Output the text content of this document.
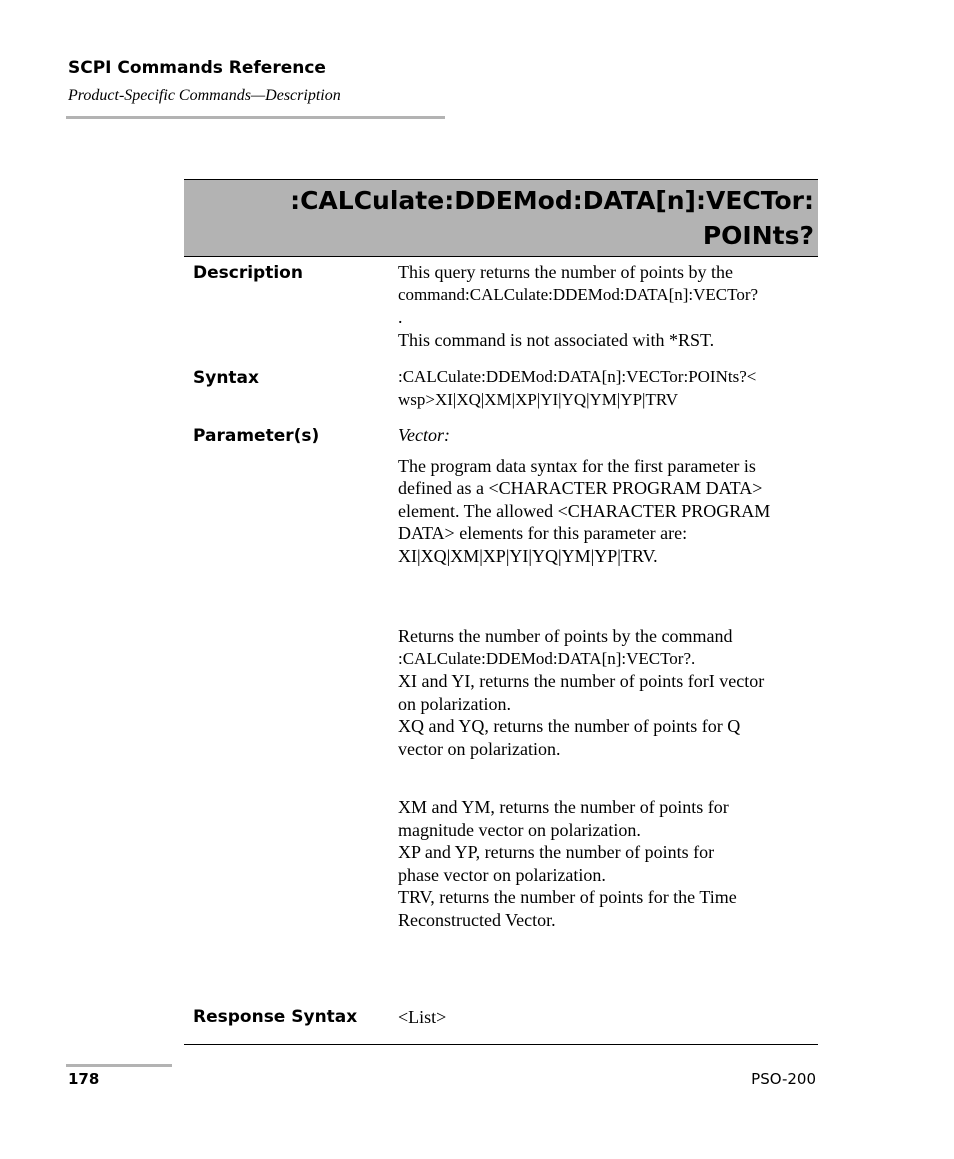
SCPI Commands Reference
Product-Specific Commands—Description
:CALCulate:DDEMod:DATA[n]:VECTor:
POINts?
Description	This query returns the number of points by the

command:CALCulate:DDEMod:DATA[n]:VECTor?

.

This command is not associated with *RST.

Syntax	:CALCulate:DDEMod:DATA[n]:VECTor:POINts?<

wsp>XI|XQ|XM|XP|YI|YQ|YM|YP|TRV

Parameter(s)	Vector:

The program data syntax for the first parameter is

defined as a <CHARACTER PROGRAM DATA>

element. The allowed <CHARACTER PROGRAM

DATA> elements for this parameter are:

XI|XQ|XM|XP|YI|YQ|YM|YP|TRV.

Returns the number of points by the command

:CALCulate:DDEMod:DATA[n]:VECTor?.

XI and YI, returns the number of points forI vector

on polarization.

XQ and YQ, returns the number of points for Q

vector on polarization.

XM and YM, returns the number of points for

magnitude vector on polarization.

XP and YP, returns the number of points for

phase vector on polarization.

TRV, returns the number of points for the Time

Reconstructed Vector.

Response Syntax <List>

178	PSO-200
